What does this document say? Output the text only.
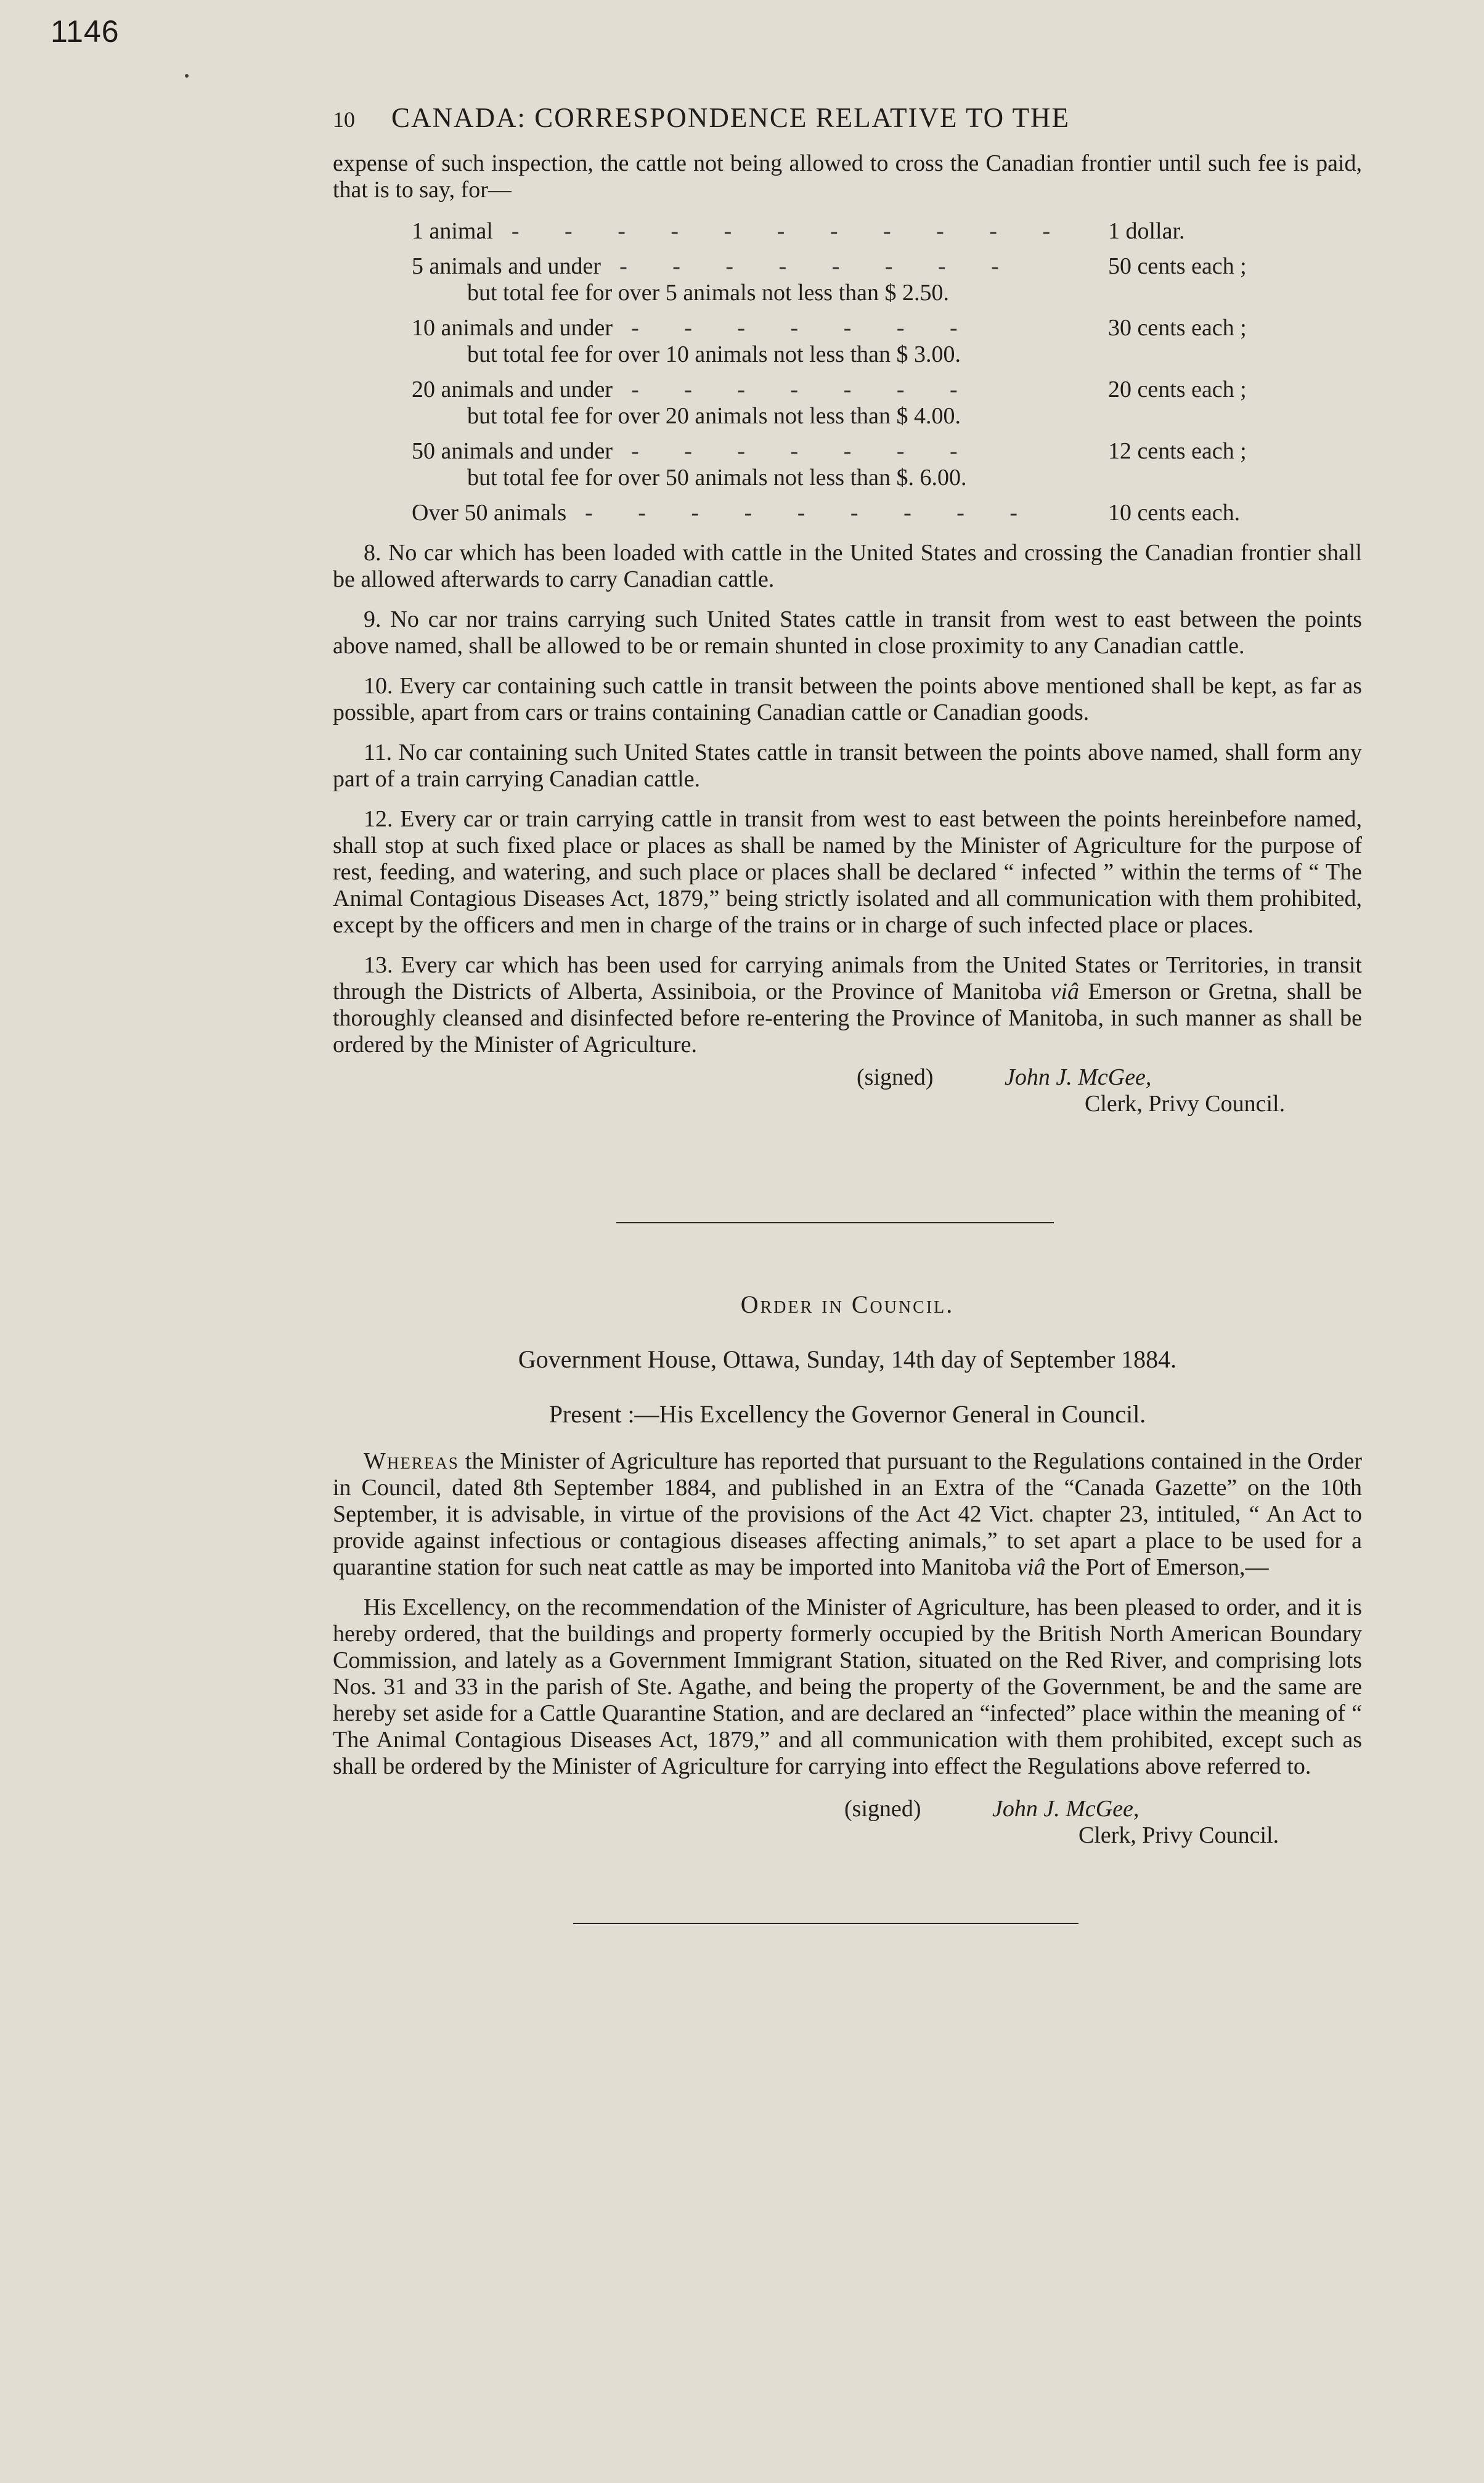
1146
10	CANADA: CORRESPONDENCE RELATIVE TO THE

expense of such inspection, the cattle not being allowed to cross the Canadian frontier until such fee is paid, that is to say, for—

1 animal - - - - - - - - - - -	1 dollar.
5 animals and under - - - - - - - -	50 cents each ;
but total fee for over 5 animals not less than $ 2.50.
10 animals and under - - - - - - -	30 cents each ;
but total fee for over 10 animals not less than $ 3.00.
20 animals and under - - - - - - -	20 cents each ;
but total fee for over 20 animals not less than $ 4.00.
50 animals and under - - - - - - -	12 cents each ;
but total fee for over 50 animals not less than $. 6.00.
Over 50 animals - - - - - - - - -	10 cents each.

8. No car which has been loaded with cattle in the United States and crossing the Canadian frontier shall be allowed afterwards to carry Canadian cattle.

9. No car nor trains carrying such United States cattle in transit from west to east between the points above named, shall be allowed to be or remain shunted in close proximity to any Canadian cattle.

10. Every car containing such cattle in transit between the points above mentioned shall be kept, as far as possible, apart from cars or trains containing Canadian cattle or Canadian goods.

11. No car containing such United States cattle in transit between the points above named, shall form any part of a train carrying Canadian cattle.

12. Every car or train carrying cattle in transit from west to east between the points hereinbefore named, shall stop at such fixed place or places as shall be named by the Minister of Agriculture for the purpose of rest, feeding, and watering, and such place or places shall be declared “ infected ” within the terms of “ The Animal Contagious Diseases Act, 1879,” being strictly isolated and all communication with them prohibited, except by the officers and men in charge of the trains or in charge of such infected place or places.

13. Every car which has been used for carrying animals from the United States or Territories, in transit through the Districts of Alberta, Assiniboia, or the Province of Manitoba viâ Emerson or Gretna, shall be thoroughly cleansed and disinfected before re-entering the Province of Manitoba, in such manner as shall be ordered by the Minister of Agriculture.

(signed)	John J. McGee,
Clerk, Privy Council.
Order in Council.
Government House, Ottawa, Sunday, 14th day of September 1884.
Present :—His Excellency the Governor General in Council.

Whereas the Minister of Agriculture has reported that pursuant to the Regulations contained in the Order in Council, dated 8th September 1884, and published in an Extra of the “Canada Gazette” on the 10th September, it is advisable, in virtue of the provisions of the Act 42 Vict. chapter 23, intituled, “ An Act to provide against infectious or contagious diseases affecting animals,” to set apart a place to be used for a quarantine station for such neat cattle as may be imported into Manitoba viâ the Port of Emerson,—

His Excellency, on the recommendation of the Minister of Agriculture, has been pleased to order, and it is hereby ordered, that the buildings and property formerly occupied by the British North American Boundary Commission, and lately as a Government Immigrant Station, situated on the Red River, and comprising lots Nos. 31 and 33 in the parish of Ste. Agathe, and being the property of the Government, be and the same are hereby set aside for a Cattle Quarantine Station, and are declared an “infected” place within the meaning of “ The Animal Contagious Diseases Act, 1879,” and all communication with them prohibited, except such as shall be ordered by the Minister of Agriculture for carrying into effect the Regulations above referred to.

(signed)	John J. McGee,
Clerk, Privy Council.
